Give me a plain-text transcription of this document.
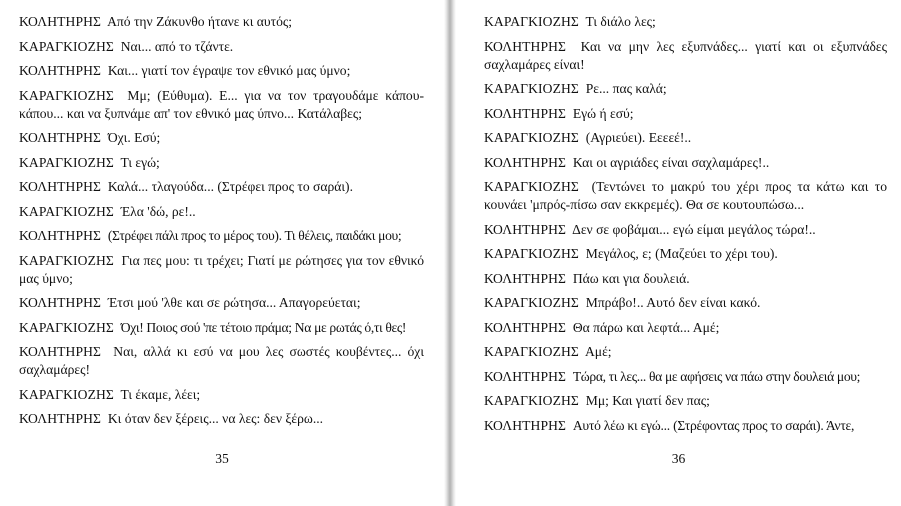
ΚΟΛΗΤΗΡΗΣ Από την Ζάκυνθο ήτανε κι αυτός;

ΚΑΡΑΓΚΙΟΖΗΣ Ναι... από το τζάντε.

ΚΟΛΗΤΗΡΗΣ Και... γιατί τον έγραψε τον εθνικό μας ύμνο;

ΚΑΡΑΓΚΙΟΖΗΣ Μμ; (Εύθυμα). Ε... για να τον τραγουδάμε κάπου-κάπου... και να ξυπνάμε απ' τον εθνικό μας ύπνο... Κατάλαβες;

ΚΟΛΗΤΗΡΗΣ Όχι. Εσύ;

ΚΑΡΑΓΚΙΟΖΗΣ Τι εγώ;

ΚΟΛΗΤΗΡΗΣ Καλά... τλαγούδα... (Στρέφει προς το σαράι).

ΚΑΡΑΓΚΙΟΖΗΣ Έλα 'δώ, ρε!..

ΚΟΛΗΤΗΡΗΣ (Στρέφει πάλι προς το μέρος του). Τι θέλεις, παιδάκι μου;

ΚΑΡΑΓΚΙΟΖΗΣ Για πες μου: τι τρέχει; Γιατί με ρώτησες για τον εθνικό μας ύμνο;

ΚΟΛΗΤΗΡΗΣ Έτσι μού 'λθε και σε ρώτησα... Απαγορεύεται;

ΚΑΡΑΓΚΙΟΖΗΣ Όχι! Ποιος σού 'πε τέτοιο πράμα; Να με ρωτάς ό,τι θες!

ΚΟΛΗΤΗΡΗΣ Ναι, αλλά κι εσύ να μου λες σωστές κουβέντες... όχι σαχλαμάρες!

ΚΑΡΑΓΚΙΟΖΗΣ Τι έκαμε, λέει;

ΚΟΛΗΤΗΡΗΣ Κι όταν δεν ξέρεις... να λες: δεν ξέρω...

35

ΚΑΡΑΓΚΙΟΖΗΣ Τι διάλο λες;

ΚΟΛΗΤΗΡΗΣ Και να μην λες εξυπνάδες... γιατί και οι εξυπνάδες σαχλαμάρες είναι!

ΚΑΡΑΓΚΙΟΖΗΣ Ρε... πας καλά;

ΚΟΛΗΤΗΡΗΣ Εγώ ή εσύ;

ΚΑΡΑΓΚΙΟΖΗΣ (Αγριεύει). Εεεεέ!..

ΚΟΛΗΤΗΡΗΣ Και οι αγριάδες είναι σαχλαμάρες!..

ΚΑΡΑΓΚΙΟΖΗΣ (Τεντώνει το μακρύ του χέρι προς τα κάτω και το κουνάει 'μπρός-πίσω σαν εκκρεμές). Θα σε κουτουπώσω...

ΚΟΛΗΤΗΡΗΣ Δεν σε φοβάμαι... εγώ είμαι μεγάλος τώρα!..

ΚΑΡΑΓΚΙΟΖΗΣ Μεγάλος, ε; (Μαζεύει το χέρι του).

ΚΟΛΗΤΗΡΗΣ Πάω και για δουλειά.

ΚΑΡΑΓΚΙΟΖΗΣ Μπράβο!.. Αυτό δεν είναι κακό.

ΚΟΛΗΤΗΡΗΣ Θα πάρω και λεφτά... Αμέ;

ΚΑΡΑΓΚΙΟΖΗΣ Αμέ;

ΚΟΛΗΤΗΡΗΣ Τώρα, τι λες... θα με αφήσεις να πάω στην δουλειά μου;

ΚΑΡΑΓΚΙΟΖΗΣ Μμ; Και γιατί δεν πας;

ΚΟΛΗΤΗΡΗΣ Αυτό λέω κι εγώ... (Στρέφοντας προς το σαράι). Άντε,

36
